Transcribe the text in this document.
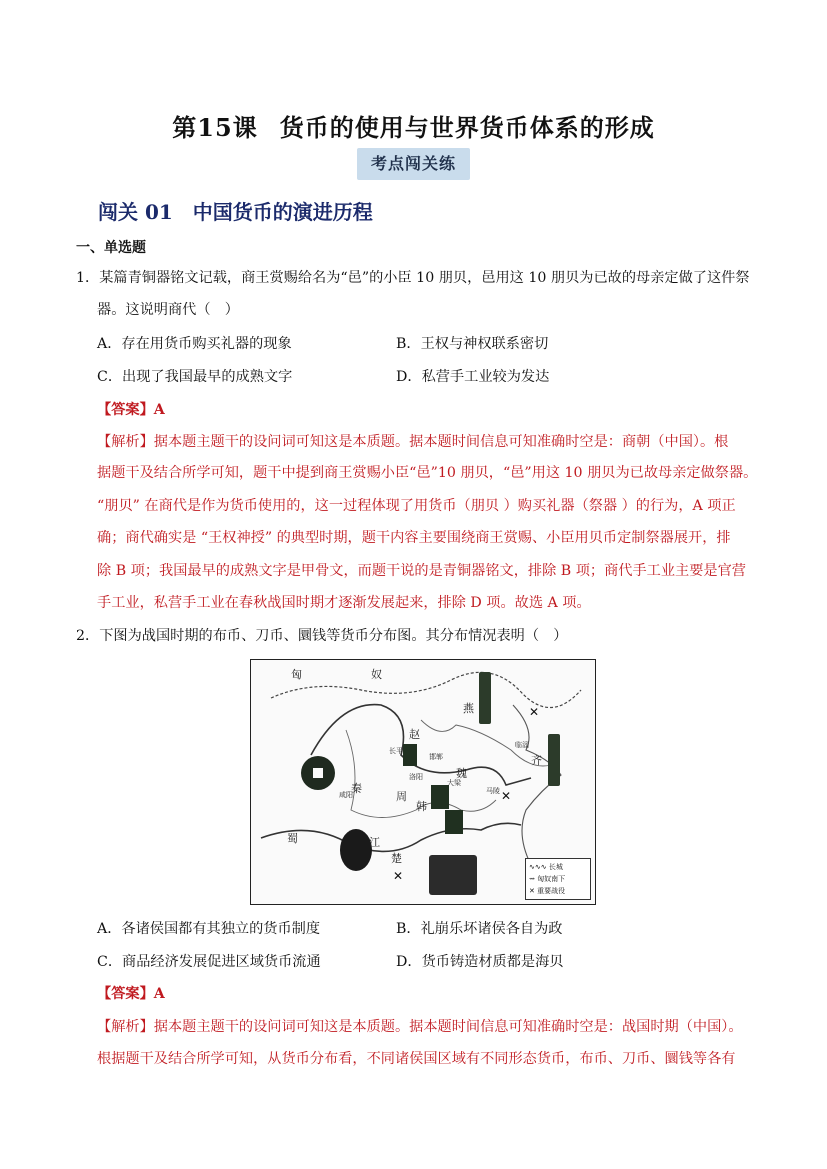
第15课 货币的使用与世界货币体系的形成
考点闯关练
闯关 01 中国货币的演进历程
一、单选题
1．某篇青铜器铭文记载，商王赏赐给名为“邑”的小臣 10 朋贝，邑用这 10 朋贝为已故的母亲定做了这件祭
器。这说明商代（　）
A．存在用货币购买礼器的现象	B．王权与神权联系密切
C．出现了我国最早的成熟文字	D．私营手工业较为发达
【答案】A
【解析】据本题主题干的设问词可知这是本质题。据本题时间信息可知准确时空是：商朝（中国）。根
据题干及结合所学可知，题干中提到商王赏赐小臣“邑”10 朋贝，“邑”用这 10 朋贝为已故母亲定做祭器。
“朋贝” 在商代是作为货币使用的，这一过程体现了用货币（朋贝 ）购买礼器（祭器 ）的行为，A 项正
确；商代确实是 “王权神授” 的典型时期，题干内容主要围绕商王赏赐、小臣用贝币定制祭器展开，排
除 B 项；我国最早的成熟文字是甲骨文，而题干说的是青铜器铭文，排除 B 项；商代手工业主要是官营
手工业，私营手工业在春秋战国时期才逐渐发展起来，排除 D 项。故选 A 项。
2．下图为战国时期的布币、刀币、圜钱等货币分布图。其分布情况表明（　）
✕
✕
✕
匈	奴
燕
赵
齐
秦
魏
韩
周
楚
蜀
邯郸
临淄
咸阳
长平
马陵
洛阳
大梁
江
∿∿∿ 长城
⇝ 匈奴南下
✕ 重要战役
A．各诸侯国都有其独立的货币制度	B．礼崩乐坏诸侯各自为政
C．商品经济发展促进区域货币流通	D．货币铸造材质都是海贝
【答案】A
【解析】据本题主题干的设问词可知这是本质题。据本题时间信息可知准确时空是：战国时期（中国）。
根据题干及结合所学可知，从货币分布看，不同诸侯国区域有不同形态货币，布币、刀币、圜钱等各有
